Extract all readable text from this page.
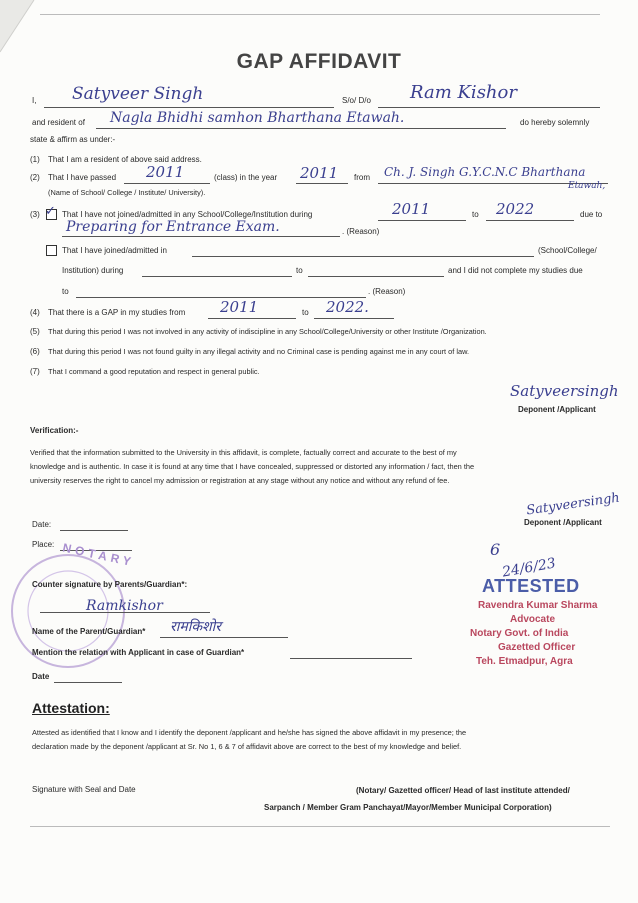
GAP AFFIDAVIT
I, Satyveer Singh	S/o/ D/o Ram Kishor
and resident of Nagla Bhidhi samhon Bharthana Etawah.	do hereby solemnly
state & affirm as under:-
(1) That I am a resident of above said address.
(2) That I have passed 2011	(class) in the year 2011 from Ch. J. Singh G.Y.C.N.C Bharthana
Etawah,
(Name of School/ College / Institute/ University).
(3) ✓ That I have not joined/admitted in any School/College/Institution during	2011	to 2022	due to
Preparing for Entrance Exam.	. (Reason)
That I have joined/admitted in	(School/College/
Institution) during	to	and I did not complete my studies due
to	. (Reason)
(4) That there is a GAP in my studies from 2011	to 2022.
(5) That during this period I was not involved in any activity of indiscipline in any School/College/University or other Institute /Organization.
(6) That during this period I was not found guilty in any illegal activity and no Criminal case is pending against me in any court of law.
(7) That I command a good reputation and respect in general public.
Satyveersingh
Deponent /Applicant
Verification:-
Verified that the information submitted to the University in this affidavit, is complete, factually correct and accurate to the best of my
knowledge and is authentic. In case it is found at any time that I have concealed, suppressed or distorted any information / fact, then the
university reserves the right to cancel my admission or registration at any stage without any notice and without any refund of fee.
Satyveersingh
Deponent /Applicant
Date:
Place: NOTARY
Counter signature by Parents/Guardian*:
Ramkishor
Name of the Parent/Guardian* रामकिशोर
Mention the relation with Applicant in case of Guardian*
Date
6
24/6/23
ATTESTED
Ravendra Kumar Sharma
Advocate
Notary Govt. of India
Gazetted Officer
Teh. Etmadpur, Agra
Attestation:
Attested as identified that I know and I identify the deponent /applicant and he/she has signed the above affidavit in my presence; the
declaration made by the deponent /applicant at Sr. No 1, 6 & 7 of affidavit above are correct to the best of my knowledge and belief.
Signature with Seal and Date	(Notary/ Gazetted officer/ Head of last institute attended/
Sarpanch / Member Gram Panchayat/Mayor/Member Municipal Corporation)
